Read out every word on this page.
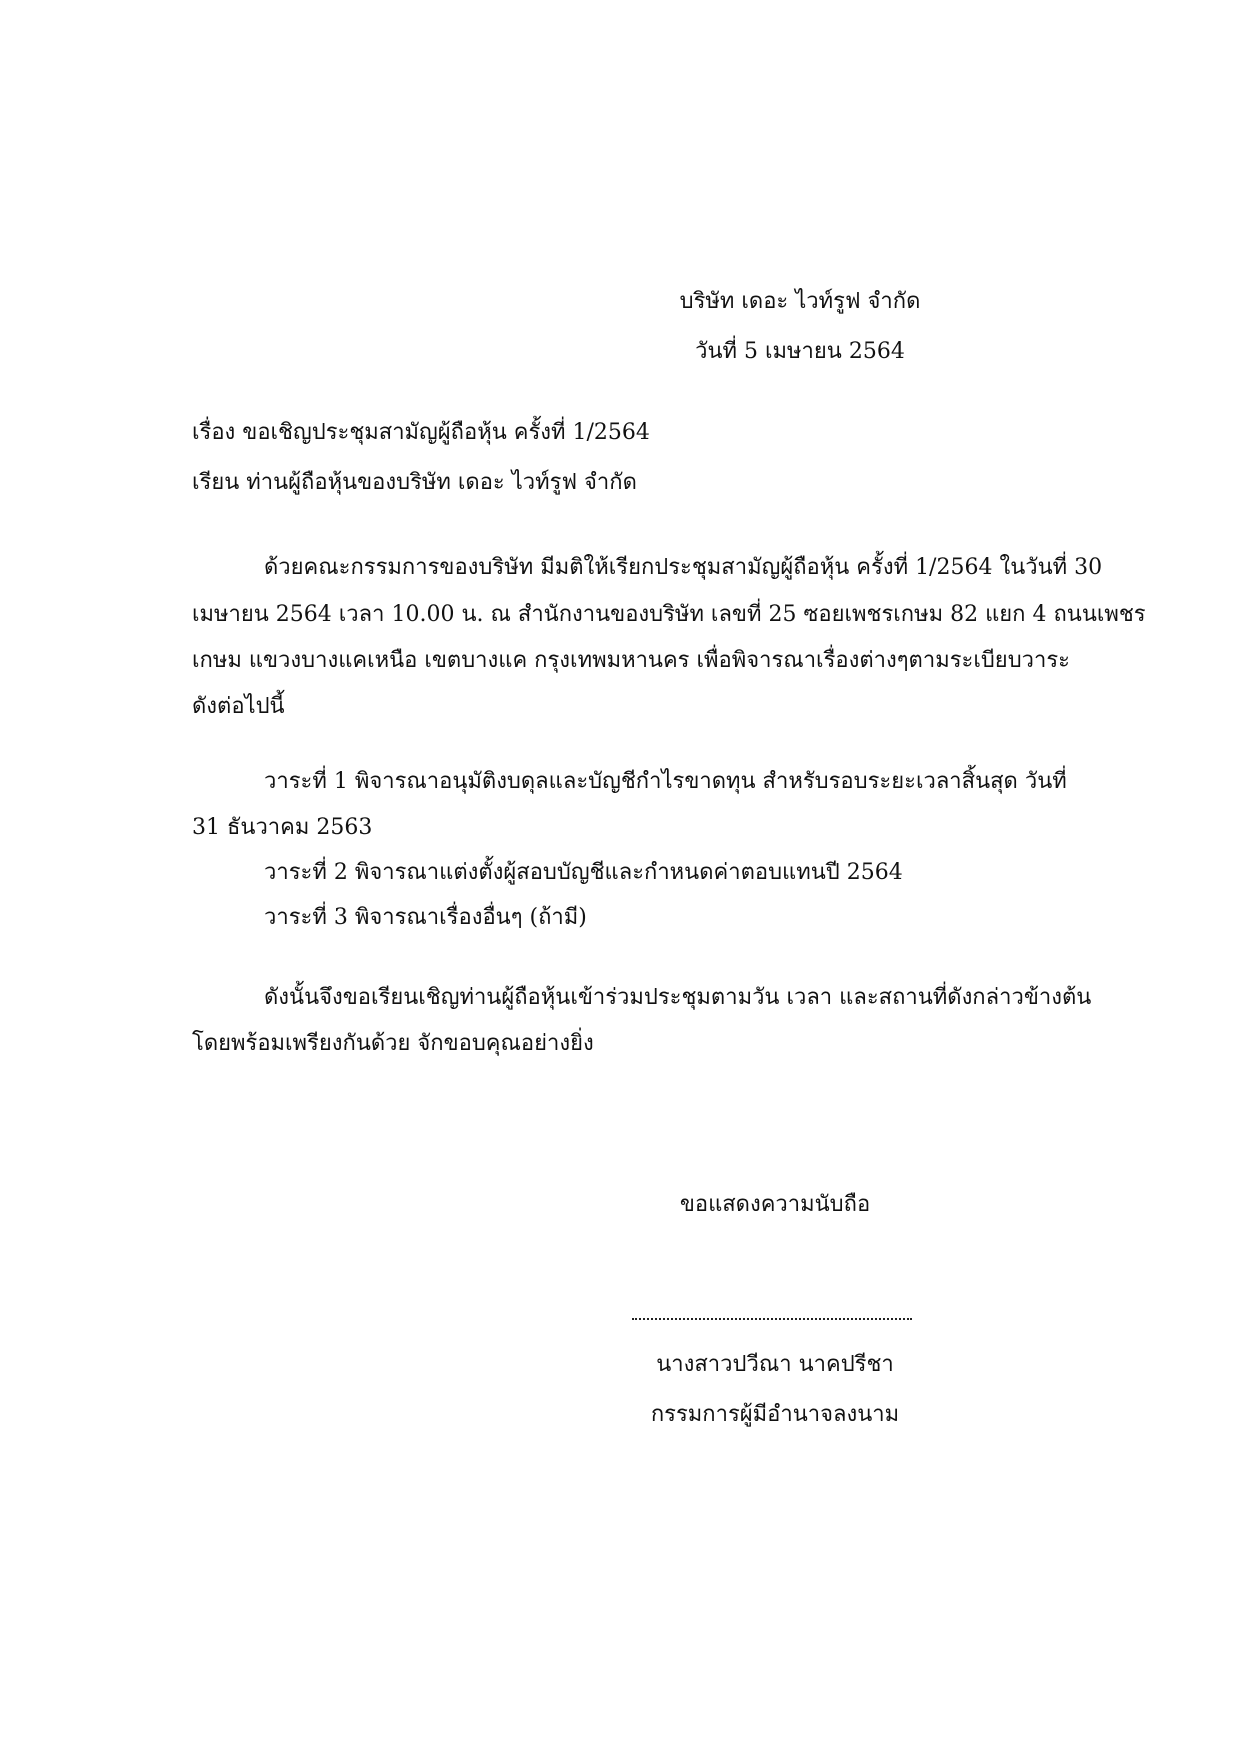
บริษัท เดอะ ไวท์รูฟ จำกัด
วันที่ 5 เมษายน 2564
เรื่อง ขอเชิญประชุมสามัญผู้ถือหุ้น ครั้งที่ 1/2564
เรียน ท่านผู้ถือหุ้นของบริษัท เดอะ ไวท์รูฟ จำกัด
ด้วยคณะกรรมการของบริษัท มีมติให้เรียกประชุมสามัญผู้ถือหุ้น ครั้งที่ 1/2564 ในวันที่ 30
เมษายน 2564 เวลา 10.00 น. ณ สำนักงานของบริษัท เลขที่ 25 ซอยเพชรเกษม 82 แยก 4 ถนนเพชร
เกษม แขวงบางแคเหนือ เขตบางแค กรุงเทพมหานคร เพื่อพิจารณาเรื่องต่างๆตามระเบียบวาระ
ดังต่อไปนี้
วาระที่ 1 พิจารณาอนุมัติงบดุลและบัญชีกำไรขาดทุน สำหรับรอบระยะเวลาสิ้นสุด วันที่
31 ธันวาคม 2563
วาระที่ 2 พิจารณาแต่งตั้งผู้สอบบัญชีและกำหนดค่าตอบแทนปี 2564
วาระที่ 3 พิจารณาเรื่องอื่นๆ (ถ้ามี)
ดังนั้นจึงขอเรียนเชิญท่านผู้ถือหุ้นเข้าร่วมประชุมตามวัน เวลา และสถานที่ดังกล่าวข้างต้น
โดยพร้อมเพรียงกันด้วย จักขอบคุณอย่างยิ่ง
ขอแสดงความนับถือ
นางสาวปวีณา นาคปรีชา
กรรมการผู้มีอำนาจลงนาม
